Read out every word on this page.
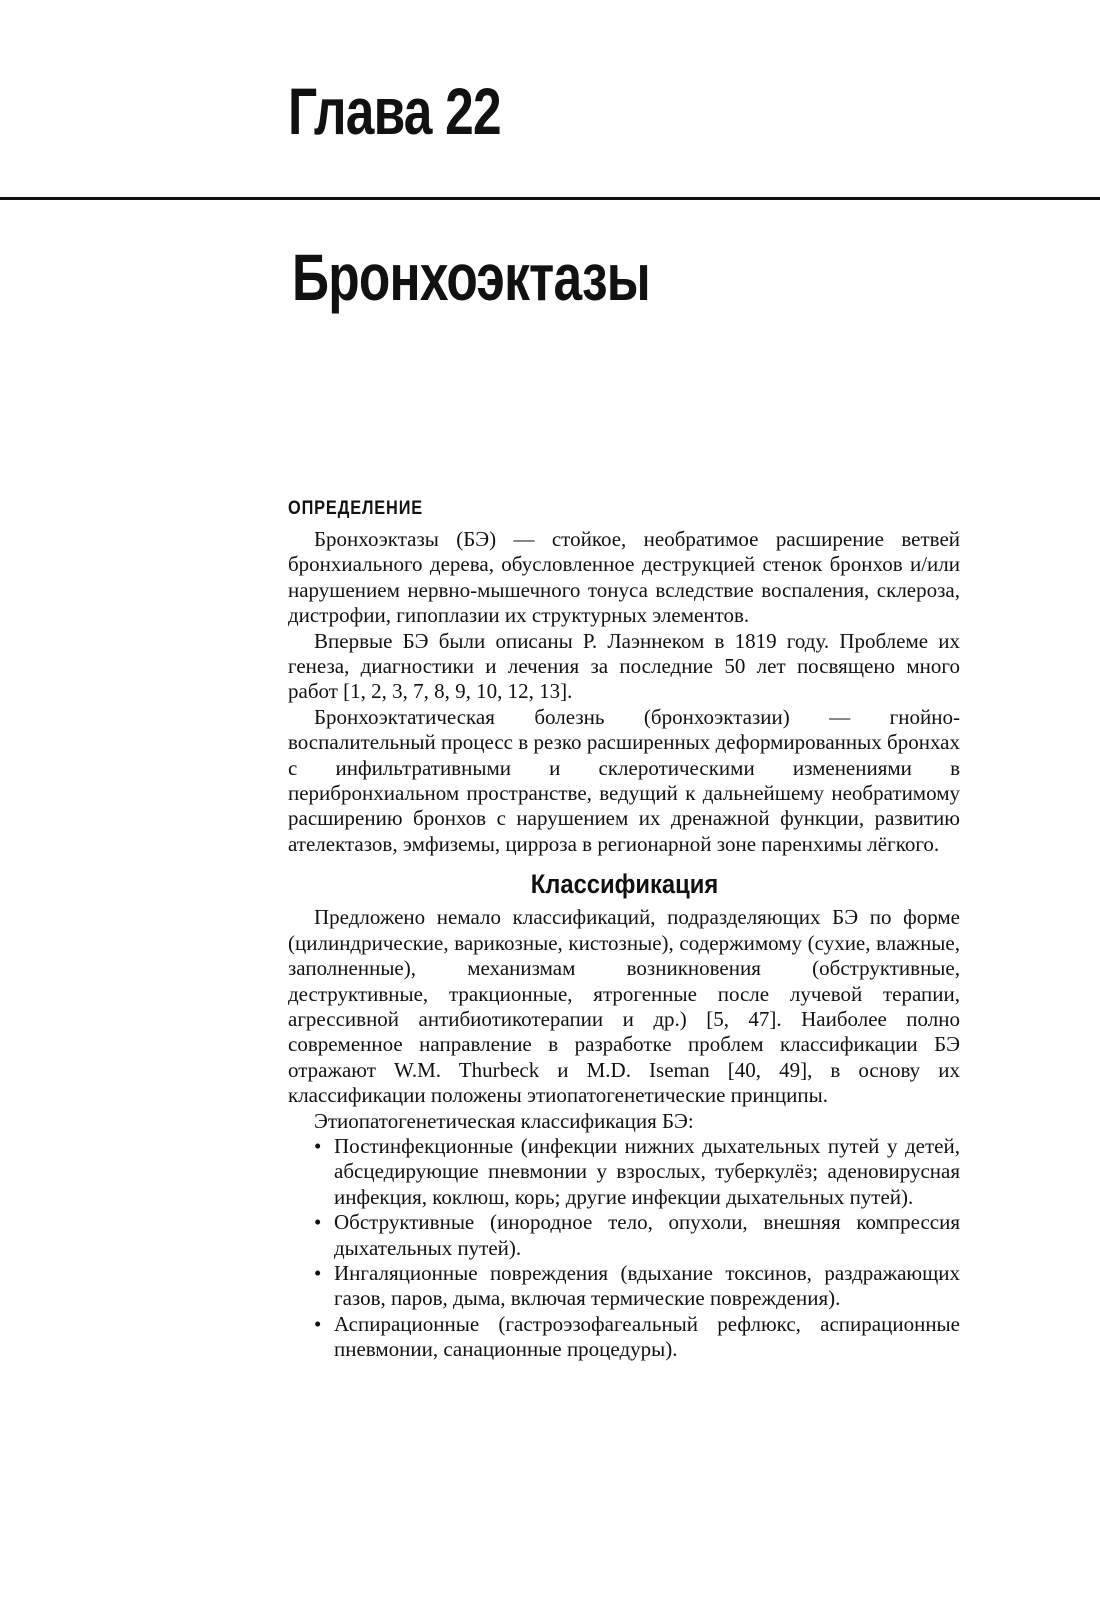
Глава 22
Бронхоэктазы
ОПРЕДЕЛЕНИЕ

Бронхоэктазы (БЭ) — стойкое, необратимое расширение ветвей бронхиального дерева, обусловленное деструкцией стенок бронхов и/или нарушением нервно-мышечного тонуса вследствие воспаления, склероза, дистрофии, гипоплазии их структурных элементов.

Впервые БЭ были описаны Р. Лаэннеком в 1819 году. Проблеме их генеза, диагностики и лечения за последние 50 лет посвящено много работ [1, 2, 3, 7, 8, 9, 10, 12, 13].

Бронхоэктатическая болезнь (бронхоэктазии) — гнойно-воспалительный процесс в резко расширенных деформированных бронхах с инфильтративными и склеротическими изменениями в перибронхиальном пространстве, ведущий к дальнейшему необратимому расширению бронхов с нарушением их дренажной функции, развитию ателектазов, эмфиземы, цирроза в регионарной зоне паренхимы лёгкого.

Классификация

Предложено немало классификаций, подразделяющих БЭ по форме (цилиндрические, варикозные, кистозные), содержимому (сухие, влажные, заполненные), механизмам возникновения (обструктивные, деструктивные, тракционные, ятрогенные после лучевой терапии, агрессивной антибиотикотерапии и др.) [5, 47]. Наиболее полно современное направление в разработке проблем классификации БЭ отражают W.M. Thurbeck и M.D. Iseman [40, 49], в основу их классификации положены этиопатогенетические принципы.

Этиопатогенетическая классификация БЭ:

• Постинфекционные (инфекции нижних дыхательных путей у детей, абсцедирующие пневмонии у взрослых, туберкулёз; аденовирусная инфекция, коклюш, корь; другие инфекции дыхательных путей).
• Обструктивные (инородное тело, опухоли, внешняя компрессия дыхательных путей).
• Ингаляционные повреждения (вдыхание токсинов, раздражающих газов, паров, дыма, включая термические повреждения).
• Аспирационные (гастроэзофагеальный рефлюкс, аспирационные пневмонии, санационные процедуры).
